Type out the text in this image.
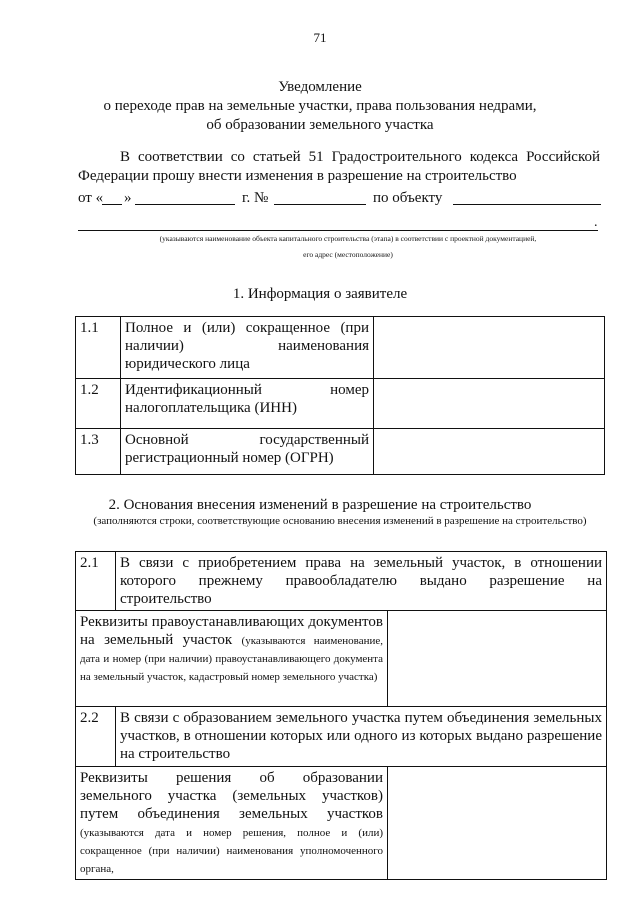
71
Уведомление
о переходе прав на земельные участки, права пользования недрами,
об образовании земельного участка
В соответствии со статьей 51 Градостроительного кодекса Российской Федерации прошу внести изменения в разрешение на строительство
от « »	г. №	по объекту
.
(указываются наименование объекта капитального строительства (этапа) в соответствии с проектной документацией,
его адрес (местоположение)
1. Информация о заявителе
1.1	Полное и (или) сокращенное (при наличии) наименования юридического лица	
1.2	Идентификационный номер налогоплательщика (ИНН)	
1.3	Основной государственный регистрационный номер (ОГРН)	
2. Основания внесения изменений в разрешение на строительство
(заполняются строки, соответствующие основанию внесения изменений в разрешение на строительство)
2.1	В связи с приобретением права на земельный участок, в отношении которого прежнему правообладателю выдано разрешение на строительство	
Реквизиты правоустанавливающих документов на земельный участок (указываются наименование, дата и номер (при наличии) правоустанавливающего документа на земельный участок, кадастровый номер земельного участка)		
2.2	В связи с образованием земельного участка путем объединения земельных участков, в отношении которых или одного из которых выдано разрешение на строительство	
Реквизиты решения об образовании земельного участка (земельных участков) путем объединения земельных участков (указываются дата и номер решения, полное и (или) сокращенное (при наличии) наименования уполномоченного органа,		
